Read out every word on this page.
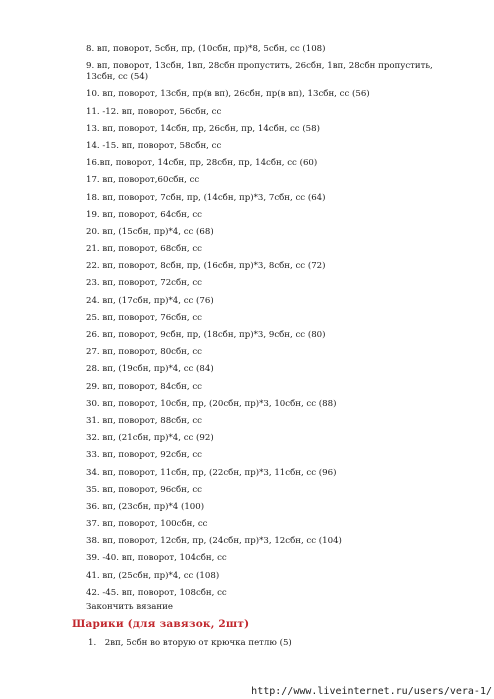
8. вп, поворот, 5сбн, пр, (10сбн, пр)*8, 5сбн, сс (108)
9. вп, поворот, 13сбн, 1вп, 28сбн пропустить, 26сбн, 1вп, 28сбн пропустить, 13сбн, сс (54)
10. вп, поворот, 13сбн, пр(в вп), 26сбн, пр(в вп), 13сбн, сс (56)
11. -12. вп, поворот, 56сбн, сс
13. вп, поворот, 14сбн, пр, 26сбн, пр, 14сбн, сс (58)
14. -15. вп, поворот, 58сбн, сс
16.вп, поворот, 14сбн, пр, 28сбн, пр, 14сбн, сс (60)
17. вп, поворот,60сбн, сс
18. вп, поворот, 7сбн, пр, (14сбн, пр)*3, 7сбн, сс (64)
19. вп, поворот, 64сбн, сс
20. вп, (15сбн, пр)*4, сс (68)
21. вп, поворот, 68сбн, сс
22. вп, поворот, 8сбн, пр, (16сбн, пр)*3, 8сбн, сс (72)
23. вп, поворот, 72сбн, сс
24. вп, (17сбн, пр)*4, сс (76)
25. вп, поворот, 76сбн, сс
26. вп, поворот, 9сбн, пр, (18сбн, пр)*3, 9сбн, сс (80)
27. вп, поворот, 80сбн, сс
28. вп, (19сбн, пр)*4, сс (84)
29. вп, поворот, 84сбн, сс
30. вп, поворот, 10сбн, пр, (20сбн, пр)*3, 10сбн, сс (88)
31. вп, поворот, 88сбн, сс
32. вп, (21сбн, пр)*4, сс (92)
33. вп, поворот, 92сбн, сс
34. вп, поворот, 11сбн, пр, (22сбн, пр)*3, 11сбн, сс (96)
35. вп, поворот, 96сбн, сс
36. вп, (23сбн, пр)*4 (100)
37. вп, поворот, 100сбн, сс
38. вп, поворот, 12сбн, пр, (24сбн, пр)*3, 12сбн, сс (104)
39. -40. вп, поворот, 104сбн, сс
41. вп, (25сбн, пр)*4, сс (108)
42. -45. вп, поворот, 108сбн, сс
Закончить вязание
Шарики (для завязок, 2шт)
1. 2вп, 5сбн во вторую от крючка петлю (5)
http://www.liveinternet.ru/users/vera-1/
